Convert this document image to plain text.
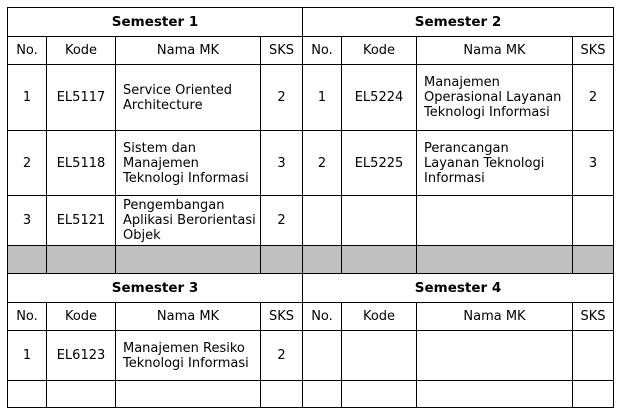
Semester 1				Semester 2			
No.	Kode	Nama MK	SKS	No.	Kode	Nama MK	SKS
1	EL5117	Service Oriented Architecture	2	1	EL5224	Manajemen Operasional Layanan Teknologi Informasi	2
2	EL5118	Sistem dan Manajemen Teknologi Informasi	3	2	EL5225	Perancangan Layanan Teknologi Informasi	3
3	EL5121	Pengembangan Aplikasi Berorientasi Objek	2				

Semester 3				Semester 4			
No.	Kode	Nama MK	SKS	No.	Kode	Nama MK	SKS
1	EL6123	Manajemen Resiko Teknologi Informasi	2				
